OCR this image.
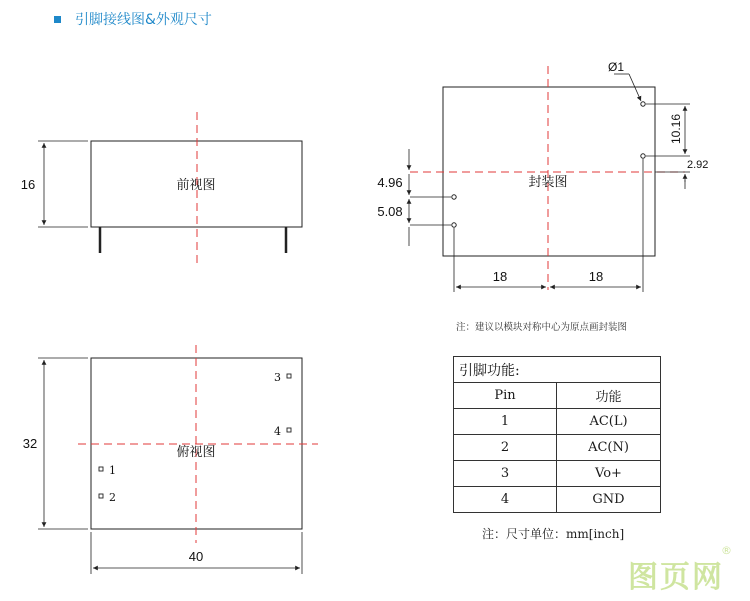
引脚接线图&外观尺寸
16	前视图
3
4
1
2
俯视图
32
40
封装图
Ø1
10.16
2.92
4.96
5.08
18	18
注：建议以模块对称中心为原点画封装图
引脚功能:	
Pin	功能
1	AC(L)
2	AC(N)
3	Vo+
4	GND
注：尺寸单位：mm[inch]
图页网
®
